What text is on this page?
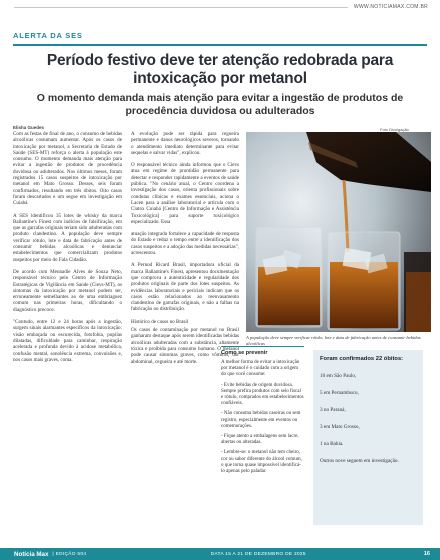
WWW.NOTICIAMAX.COM.BR
ALERTA DA SES
Período festivo deve ter atenção redobrada para intoxicação por metanol
O momento demanda mais atenção para evitar a ingestão de produtos de procedência duvidosa ou adulterados
Elisha Guedes

Com as festas de final de ano, o consumo de bebidas alcoólicas costumam aumentar. Após os casos de intoxicação por metanol, a Secretaria de Estado de Saúde (SES-MT) reforça o alerta à população este consumo. O momento demanda mais atenção para evitar a ingestão de produtos de procedência duvidosa ou adulterados. Nos últimos meses, foram registrados 15 casos suspeitos de intoxicação por metanol em Mato Grosso. Desses, seis foram confirmados, resultando em três óbitos. Oito casos foram descartados e um segue em investigação em Cuiabá.

A SES identificou 35 lotes de whisky da marca Ballantine's Finest com indícios de falsificação, em que as garrafas originais teriam sido adulteradas com produto clandestino. A população deve sempre verificar rótulo, lote e data de fabricação antes de consumir bebidas alcoólicas e denunciar estabelecimentos que comercializam produtos suspeitos por meio do Fala Cidadão.

De acordo com Mennadie Alves de Souza Neto, responsável técnico pelo Centro de Informação Estratégicas de Vigilância em Saúde (Cievs-MT), os sintomas da intoxicação por metanol podem ser, erroneamente semelhantes ao de uma embriaguez comum nas primeiras horas, dificultando o diagnóstico precoce.

"Contudo, entre 12 e 24 horas após a ingestão, surgem sinais alarmantes específicos da intoxicação: visão embaçada ou escurecida, fotofobia, pupilas dilatadas, dificuldade para caminhar, respiração acelerada e profunda devido à acidose metabólica, confusão mental, sonolência extrema, convulsões e, nos casos mais graves, coma.

A evolução pode ser rápida para cegueira permanente e danos neurológicos severos, tornando o atendimento imediato determinante para evitar sequelas e salvar vidas", explicou.

O responsável técnico ainda informou que o Cievs atua em regime de prontidão permanente para detectar e responder rapidamente a eventos de saúde pública. "No cenário atual, o Centro coordena a investigação dos casos, orienta profissionais sobre condutas clínicas e exames essenciais, aciona o Lacen para a análise laboratorial e articula com o Ciatox Cuiabá [Centro de Informação e Assistência Toxicológica] para suporte toxicológico especializado. Essa

atuação integrada fortalece a capacidade de resposta do Estado e reduz o tempo entre a identificação dos casos suspeitos e a adoção das medidas necessárias", acrescentou.

A Pernod Ricard Brasil, importadora oficial da marca Ballantine's Finest, apresentou documentação que comprova a autenticidade e regularidade dos produtos originais de parte dos lotes suspeitos. As evidências laboratoriais e periciais indicam que os casos estão relacionados ao reenvasamento clandestino de garrafas originais, e não a falhas na fabricação ou distribuição.

Histórico de casos no Brasil

Os casos de contaminação por metanol no Brasil ganharam destaque após serem identificadas bebidas alcoólicas adulteradas com a substância, altamente tóxica e proibida para consumo humano. O metanol pode causar sintomas graves, como vômitos, dor abdominal, cegueira e até morte.

Foto Divulgação
A população deve sempre verificar rótulo, lote e data de fabricação antes de consumir bebidas alcoólicas
Como se prevenir

A melhor forma de evitar a intoxicação por metanol é o cuidado com a origem do que você consome:

- Evite bebidas de origem duvidosa. Sempre prefira produtos com selo fiscal e rótulo, comprados em estabelecimentos confiáveis.

- Não consuma bebidas caseiras ou sem registro, especialmente em eventos ou comemorações.

- Fique atento a embalagens sem lacre, abertas ou alteradas.

- Lembre-se: o metanol não tem cheiro, cor ou sabor diferente do álcool comum, o que torna quase impossível identificá-lo apenas pelo paladar.

Foram confirmados 22 óbitos:
10 em São Paulo,
5 em Pernambuco,
3 no Paraná,
3 em Mato Grosso,
1 na Bahia.
Outros nove seguem em investigação.
Notícia Max | EDIÇÃO 504	DATA 15 A 21 DE DEZEMBRO DE 2025	16
